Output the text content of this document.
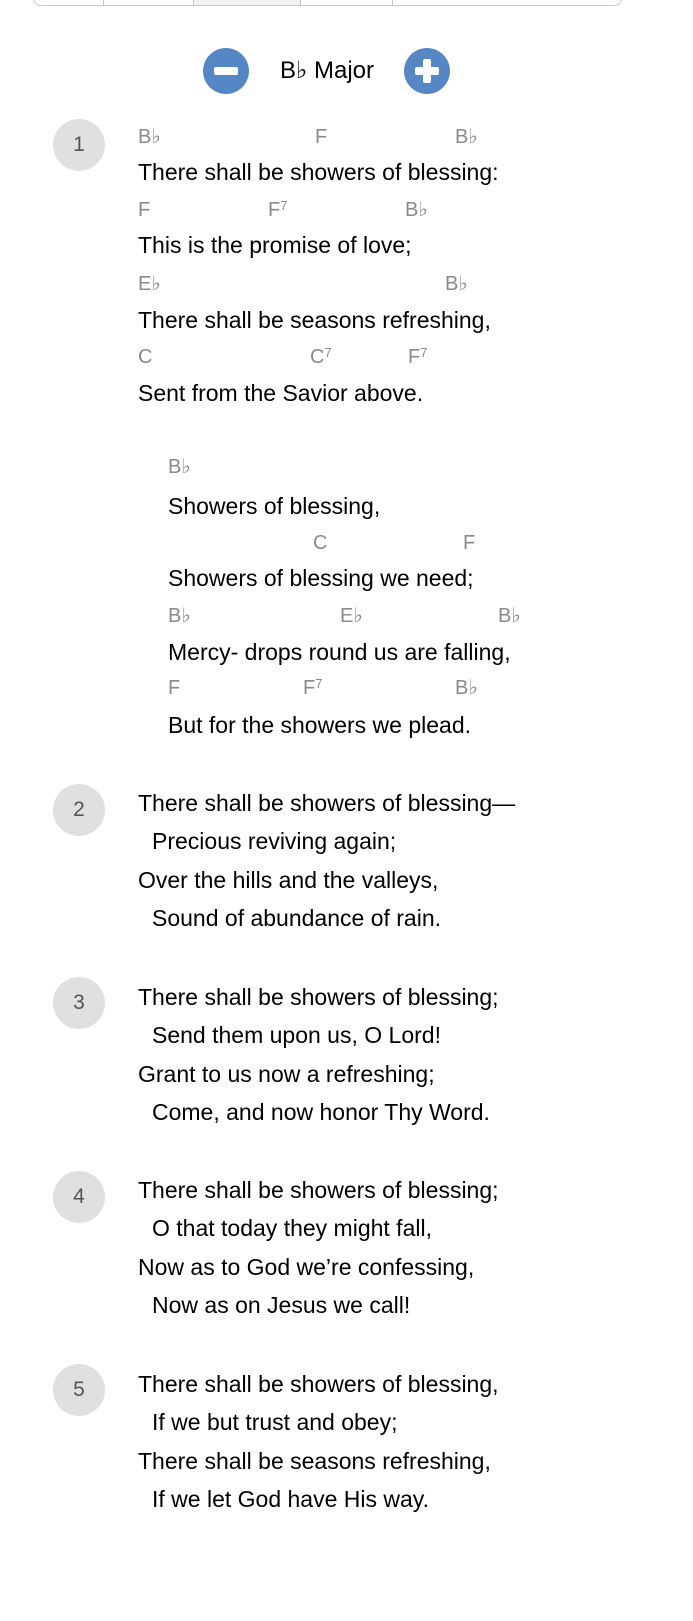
B♭ Major
1	B♭	F	B♭
There shall be showers of blessing:
F	$F^7$	B♭
This is the promise of love;
E♭	B♭
There shall be seasons refreshing,
C	$C^7$	$F^7$
Sent from the Savior above.
B♭
Showers of blessing,
C	F
Showers of blessing we need;
B♭	E♭	B♭
Mercy- drops round us are falling,
F	$F^7$	B♭
But for the showers we plead.
2	There shall be showers of blessing—
Precious reviving again;
Over the hills and the valleys,
Sound of abundance of rain.
3	There shall be showers of blessing;
Send them upon us, O Lord!
Grant to us now a refreshing;
Come, and now honor Thy Word.
4	There shall be showers of blessing;
O that today they might fall,
Now as to God we’re confessing,
Now as on Jesus we call!
5	There shall be showers of blessing,
If we but trust and obey;
There shall be seasons refreshing,
If we let God have His way.
